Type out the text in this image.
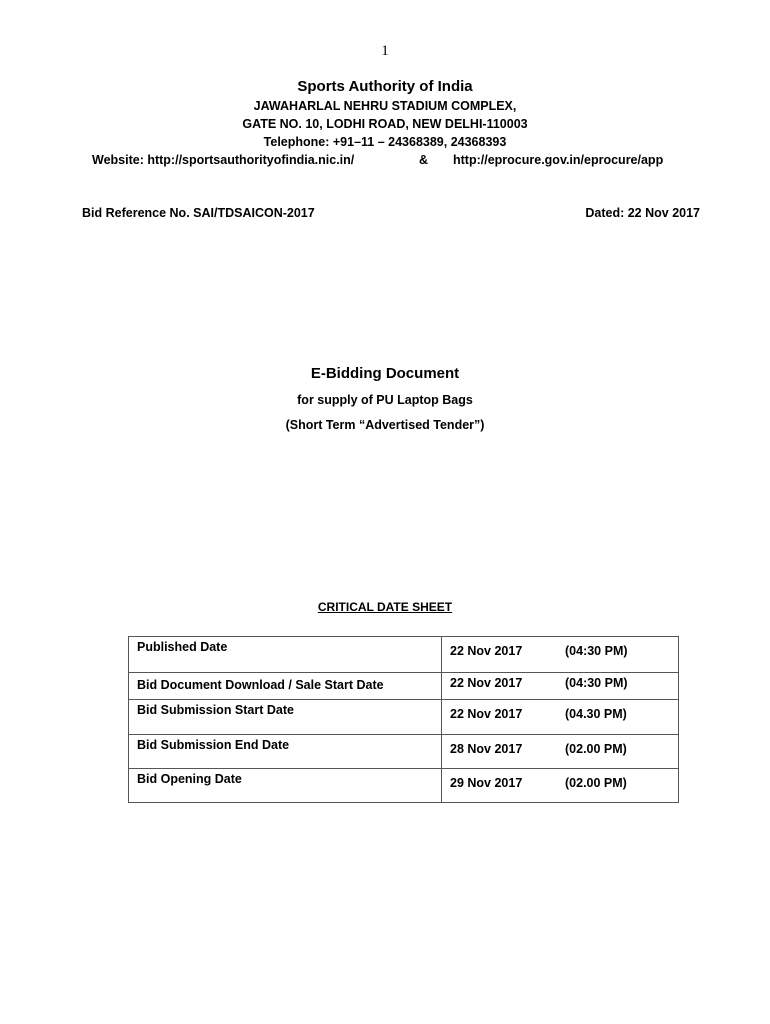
1
Sports Authority of India
JAWAHARLAL NEHRU STADIUM COMPLEX,
GATE NO. 10, LODHI ROAD, NEW DELHI-110003
Telephone: +91–11 – 24368389, 24368393
Website: http://sportsauthorityofindia.nic.in/	& http://eprocure.gov.in/eprocure/app
Bid Reference No. SAI/TDSAICON-2017	Dated: 22 Nov 2017
E-Bidding Document
for supply of PU Laptop Bags
(Short Term “Advertised Tender”)
CRITICAL DATE SHEET
Published Date	22 Nov 2017	(04:30 PM)
Bid Document Download / Sale Start Date	22 Nov 2017	(04:30 PM)
Bid Submission Start Date	22 Nov 2017	(04.30 PM)
Bid Submission End Date	28 Nov 2017	(02.00 PM)
Bid Opening Date	29 Nov 2017	(02.00 PM)
